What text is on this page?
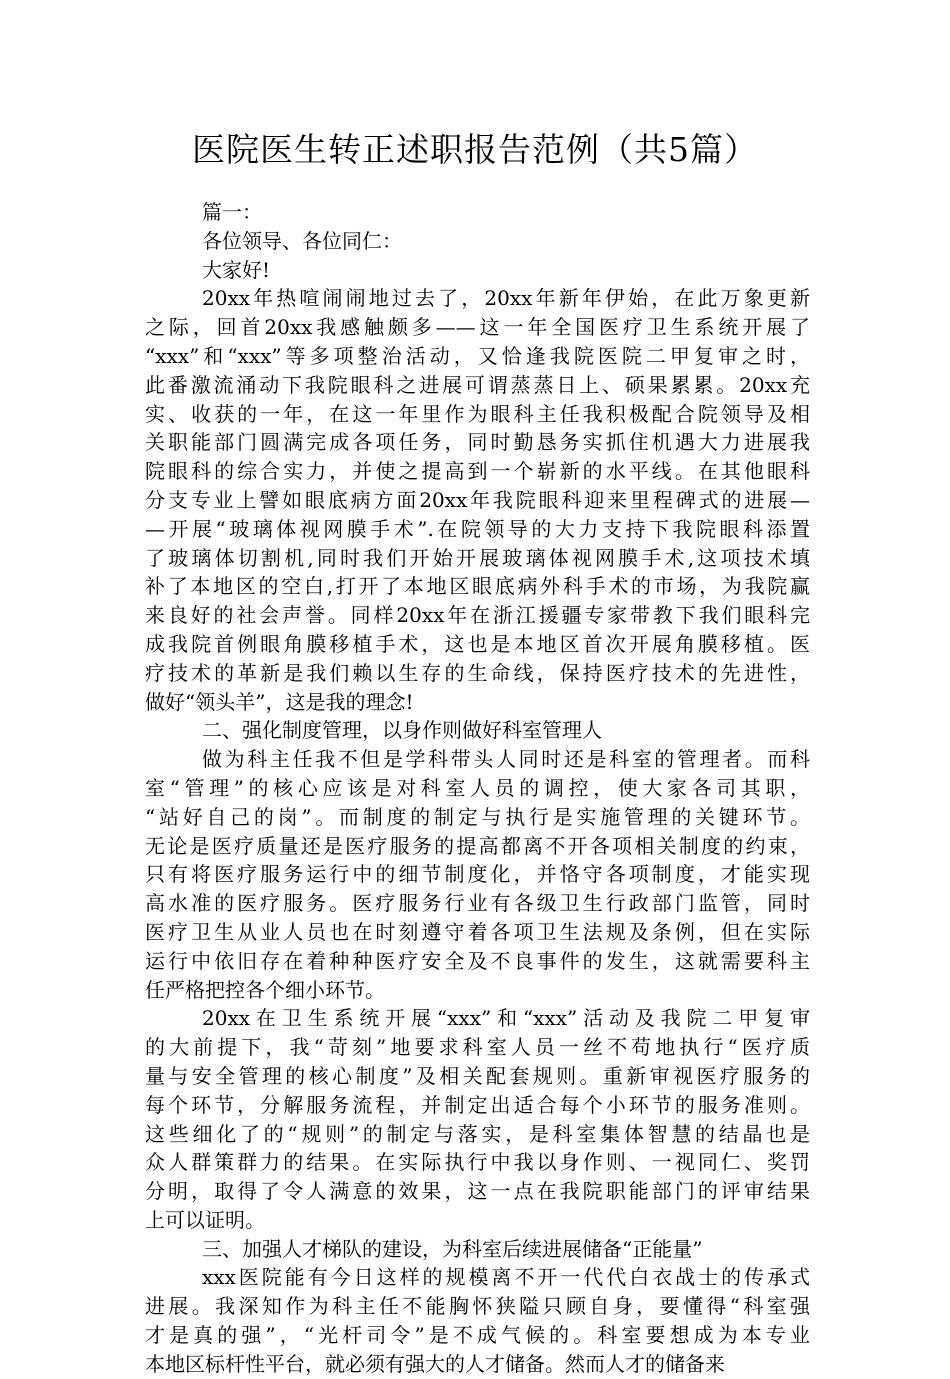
医院医生转正述职报告范例（共5篇）
篇一：
各位领导、各位同仁：
大家好!
20xx年热喧闹闹地过去了，20xx年新年伊始，在此万象更新
之际，回首20xx我感触颇多——这一年全国医疗卫生系统开展了
“xxx”和“xxx”等多项整治活动，又恰逢我院医院二甲复审之时，
此番激流涌动下我院眼科之进展可谓蒸蒸日上、硕果累累。20xx充
实、收获的一年，在这一年里作为眼科主任我积极配合院领导及相
关职能部门圆满完成各项任务，同时勤恳务实抓住机遇大力进展我
院眼科的综合实力，并使之提高到一个崭新的水平线。在其他眼科
分支专业上譬如眼底病方面20xx年我院眼科迎来里程碑式的进展—
—开展“玻璃体视网膜手术”.在院领导的大力支持下我院眼科添置
了玻璃体切割机,同时我们开始开展玻璃体视网膜手术,这项技术填
补了本地区的空白,打开了本地区眼底病外科手术的市场，为我院赢
来良好的社会声誉。同样20xx年在浙江援疆专家带教下我们眼科完
成我院首例眼角膜移植手术，这也是本地区首次开展角膜移植。医
疗技术的革新是我们赖以生存的生命线，保持医疗技术的先进性，
做好“领头羊”，这是我的理念!
二、强化制度管理，以身作则做好科室管理人
做为科主任我不但是学科带头人同时还是科室的管理者。而科
室“管理”的核心应该是对科室人员的调控，使大家各司其职，
“站好自己的岗”。而制度的制定与执行是实施管理的关键环节。
无论是医疗质量还是医疗服务的提高都离不开各项相关制度的约束，
只有将医疗服务运行中的细节制度化，并恪守各项制度，才能实现
高水准的医疗服务。医疗服务行业有各级卫生行政部门监管，同时
医疗卫生从业人员也在时刻遵守着各项卫生法规及条例，但在实际
运行中依旧存在着种种医疗安全及不良事件的发生，这就需要科主
任严格把控各个细小环节。
20xx在卫生系统开展“xxx”和“xxx”活动及我院二甲复审
的大前提下，我“苛刻”地要求科室人员一丝不苟地执行“医疗质
量与安全管理的核心制度”及相关配套规则。重新审视医疗服务的
每个环节，分解服务流程，并制定出适合每个小环节的服务准则。
这些细化了的“规则”的制定与落实，是科室集体智慧的结晶也是
众人群策群力的结果。在实际执行中我以身作则、一视同仁、奖罚
分明，取得了令人满意的效果，这一点在我院职能部门的评审结果
上可以证明。
三、加强人才梯队的建设，为科室后续进展储备“正能量”
xxx医院能有今日这样的规模离不开一代代白衣战士的传承式
进展。我深知作为科主任不能胸怀狭隘只顾自身，要懂得“科室强
才是真的强”，“光杆司令”是不成气候的。科室要想成为本专业
本地区标杆性平台，就必须有强大的人才储备。然而人才的储备来
